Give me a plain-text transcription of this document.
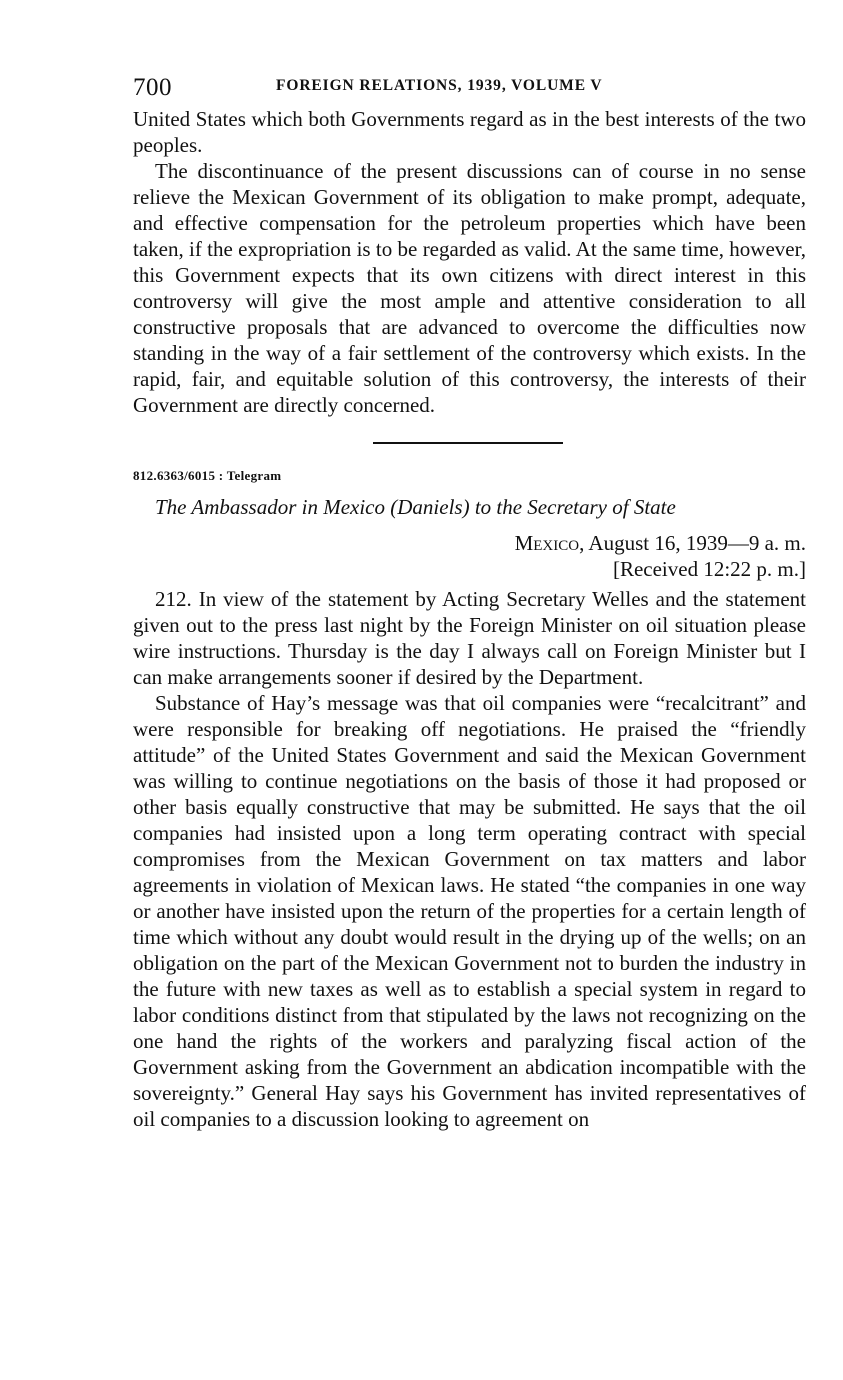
700	FOREIGN RELATIONS, 1939, VOLUME V

United States which both Governments regard as in the best interests of the two peoples.

The discontinuance of the present discussions can of course in no sense relieve the Mexican Government of its obligation to make prompt, adequate, and effective compensation for the petroleum properties which have been taken, if the expropriation is to be regarded as valid. At the same time, however, this Government expects that its own citizens with direct interest in this controversy will give the most ample and attentive consideration to all constructive proposals that are advanced to overcome the difficulties now standing in the way of a fair settlement of the controversy which exists. In the rapid, fair, and equitable solution of this controversy, the interests of their Government are directly concerned.

812.6363/6015 : Telegram
The Ambassador in Mexico (Daniels) to the Secretary of State
Mexico, August 16, 1939—9 a. m.
[Received 12:22 p. m.]

212. In view of the statement by Acting Secretary Welles and the statement given out to the press last night by the Foreign Minister on oil situation please wire instructions. Thursday is the day I always call on Foreign Minister but I can make arrangements sooner if desired by the Department.

Substance of Hay’s message was that oil companies were “recalcitrant” and were responsible for breaking off negotiations. He praised the “friendly attitude” of the United States Government and said the Mexican Government was willing to continue negotiations on the basis of those it had proposed or other basis equally constructive that may be submitted. He says that the oil companies had insisted upon a long term operating contract with special compromises from the Mexican Government on tax matters and labor agreements in violation of Mexican laws. He stated “the companies in one way or another have insisted upon the return of the properties for a certain length of time which without any doubt would result in the drying up of the wells; on an obligation on the part of the Mexican Government not to burden the industry in the future with new taxes as well as to establish a special system in regard to labor conditions distinct from that stipulated by the laws not recognizing on the one hand the rights of the workers and paralyzing fiscal action of the Government asking from the Government an abdication incompatible with the sovereignty.” General Hay says his Government has invited representatives of oil companies to a discussion looking to agreement on
